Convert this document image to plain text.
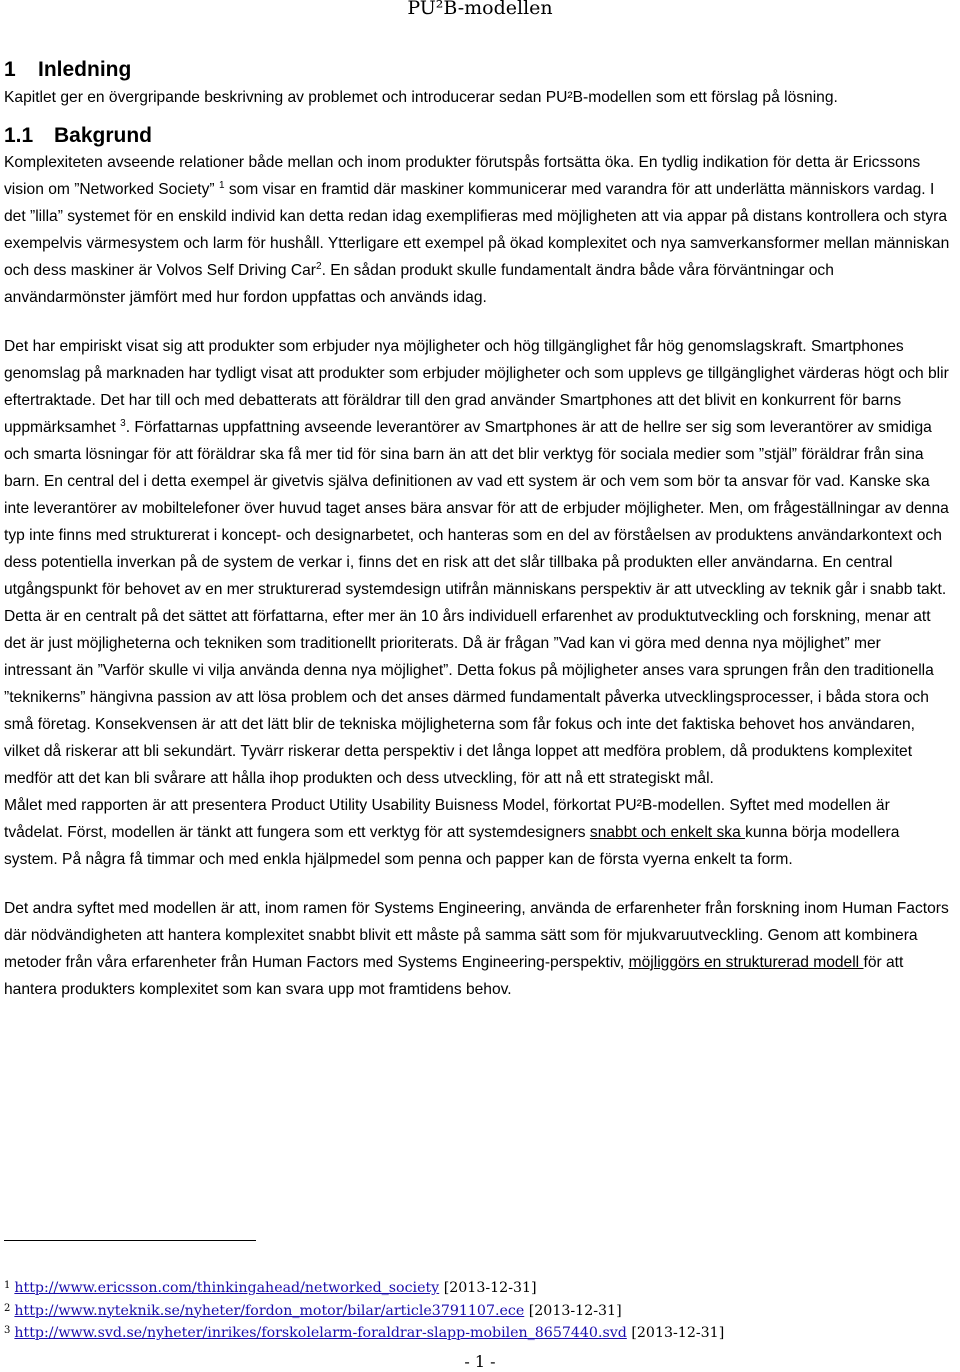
PU²B-modellen
1 Inledning

Kapitlet ger en övergripande beskrivning av problemet och introducerar sedan PU²B-modellen som ett förslag på lösning.

1.1 Bakgrund

Komplexiteten avseende relationer både mellan och inom produkter förutspås fortsätta öka. En tydlig indikation för detta är Ericssons vision om ”Networked Society” $^1$ som visar en framtid där maskiner kommunicerar med varandra för att underlätta människors vardag. I det ”lilla” systemet för en enskild individ kan detta redan idag exemplifieras med möjligheten att via appar på distans kontrollera och styra exempelvis värmesystem och larm för hushåll. Ytterligare ett exempel på ökad komplexitet och nya samverkansformer mellan människan och dess maskiner är Volvos Self Driving Car$^2$. En sådan produkt skulle fundamentalt ändra både våra förväntningar och användarmönster jämfört med hur fordon uppfattas och används idag.

Det har empiriskt visat sig att produkter som erbjuder nya möjligheter och hög tillgänglighet får hög genomslagskraft. Smartphones genomslag på marknaden har tydligt visat att produkter som erbjuder möjligheter och som upplevs ge tillgänglighet värderas högt och blir eftertraktade. Det har till och med debatterats att föräldrar till den grad använder Smartphones att det blivit en konkurrent för barns uppmärksamhet $^3$. Författarnas uppfattning avseende leverantörer av Smartphones är att de hellre ser sig som leverantörer av smidiga och smarta lösningar för att föräldrar ska få mer tid för sina barn än att det blir verktyg för sociala medier som ”stjäl” föräldrar från sina barn. En central del i detta exempel är givetvis själva definitionen av vad ett system är och vem som bör ta ansvar för vad. Kanske ska inte leverantörer av mobiltelefoner över huvud taget anses bära ansvar för att de erbjuder möjligheter. Men, om frågeställningar av denna typ inte finns med strukturerat i koncept- och designarbetet, och hanteras som en del av förståelsen av produktens användarkontext och dess potentiella inverkan på de system de verkar i, finns det en risk att det slår tillbaka på produkten eller användarna. En central utgångspunkt för behovet av en mer strukturerad systemdesign utifrån människans perspektiv är att utveckling av teknik går i snabb takt. Detta är en centralt på det sättet att författarna, efter mer än 10 års individuell erfarenhet av produktutveckling och forskning, menar att det är just möjligheterna och tekniken som traditionellt prioriterats. Då är frågan ”Vad kan vi göra med denna nya möjlighet” mer intressant än ”Varför skulle vi vilja använda denna nya möjlighet”. Detta fokus på möjligheter anses vara sprungen från den traditionella ”teknikerns” hängivna passion av att lösa problem och det anses därmed fundamentalt påverka utvecklingsprocesser, i båda stora och små företag. Konsekvensen är att det lätt blir de tekniska möjligheterna som får fokus och inte det faktiska behovet hos användaren, vilket då riskerar att bli sekundärt. Tyvärr riskerar detta perspektiv i det långa loppet att medföra problem, då produktens komplexitet medför att det kan bli svårare att hålla ihop produkten och dess utveckling, för att nå ett strategiskt mål.

Målet med rapporten är att presentera Product Utility Usability Buisness Model, förkortat PU²B-modellen. Syftet med modellen är tvådelat. Först, modellen är tänkt att fungera som ett verktyg för att systemdesigners snabbt och enkelt ska kunna börja modellera system. På några få timmar och med enkla hjälpmedel som penna och papper kan de första vyerna enkelt ta form.

Det andra syftet med modellen är att, inom ramen för Systems Engineering, använda de erfarenheter från forskning inom Human Factors där nödvändigheten att hantera komplexitet snabbt blivit ett måste på samma sätt som för mjukvaruutveckling. Genom att kombinera metoder från våra erfarenheter från Human Factors med Systems Engineering-perspektiv, möjliggörs en strukturerad modell för att hantera produkters komplexitet som kan svara upp mot framtidens behov.

$^1$ http://www.ericsson.com/thinkingahead/networked_society [2013-12-31]
$^2$ http://www.nyteknik.se/nyheter/fordon_motor/bilar/article3791107.ece [2013-12-31]
$^3$ http://www.svd.se/nyheter/inrikes/forskolelarm-foraldrar-slapp-mobilen_8657440.svd [2013-12-31]
- 1 -
